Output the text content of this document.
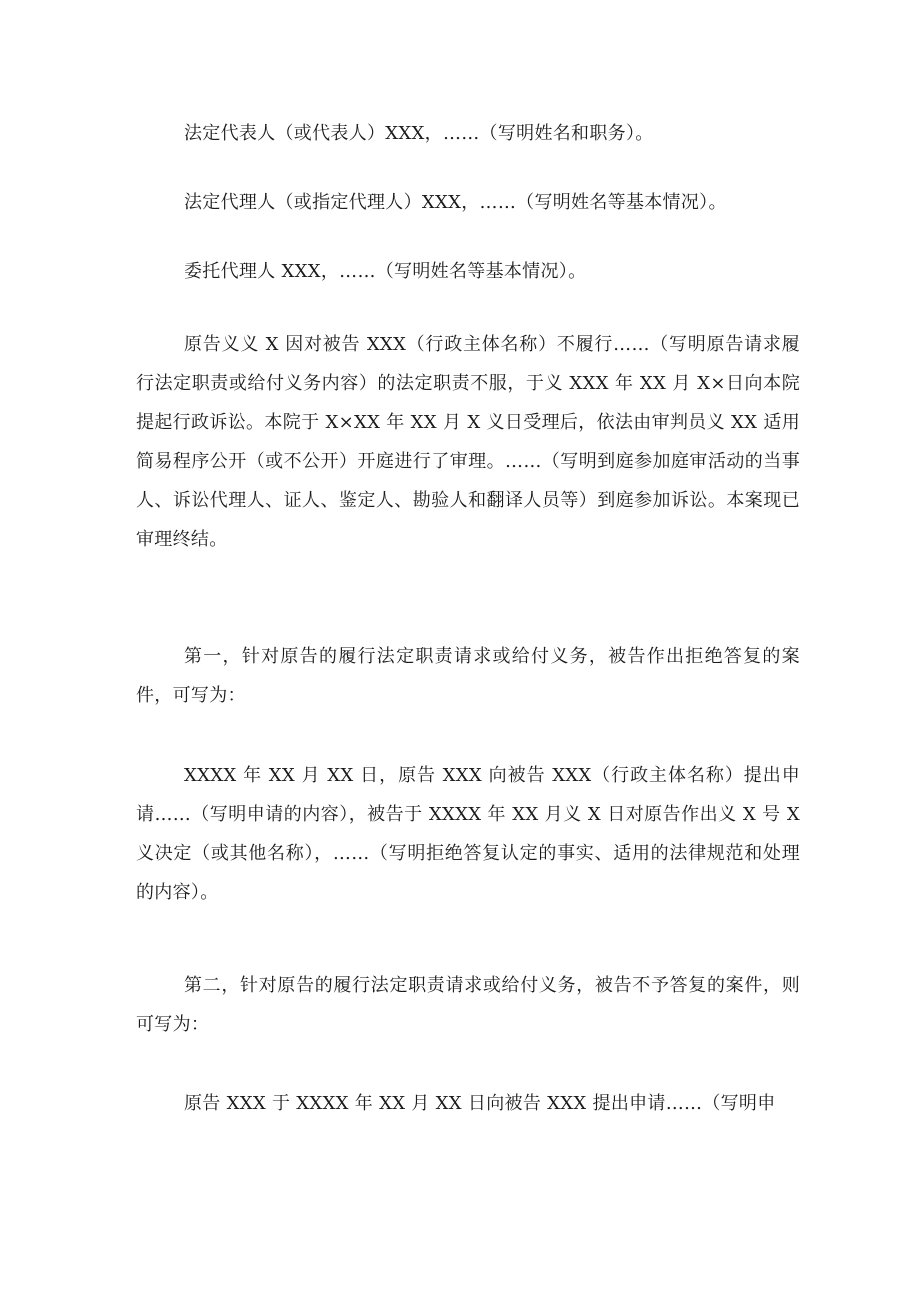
法定代表人（或代表人）XXX，……（写明姓名和职务）。

法定代理人（或指定代理人）XXX，……（写明姓名等基本情况）。

委托代理人 XXX，……（写明姓名等基本情况）。

原告义义 X 因对被告 XXX（行政主体名称）不履行……（写明原告请求履行法定职责或给付义务内容）的法定职责不服，于义 XXX 年 XX 月 X×日向本院提起行政诉讼。本院于 X×XX 年 XX 月 X 义日受理后，依法由审判员义 XX 适用简易程序公开（或不公开）开庭进行了审理。……（写明到庭参加庭审活动的当事人、诉讼代理人、证人、鉴定人、勘验人和翻译人员等）到庭参加诉讼。本案现已审理终结。

第一，针对原告的履行法定职责请求或给付义务，被告作出拒绝答复的案件，可写为：

XXXX 年 XX 月 XX 日，原告 XXX 向被告 XXX（行政主体名称）提出申请……（写明申请的内容），被告于 XXXX 年 XX 月义 X 日对原告作出义 X 号 X 义决定（或其他名称），……（写明拒绝答复认定的事实、适用的法律规范和处理的内容）。

第二，针对原告的履行法定职责请求或给付义务，被告不予答复的案件，则可写为：

原告 XXX 于 XXXX 年 XX 月 XX 日向被告 XXX 提出申请……（写明申
